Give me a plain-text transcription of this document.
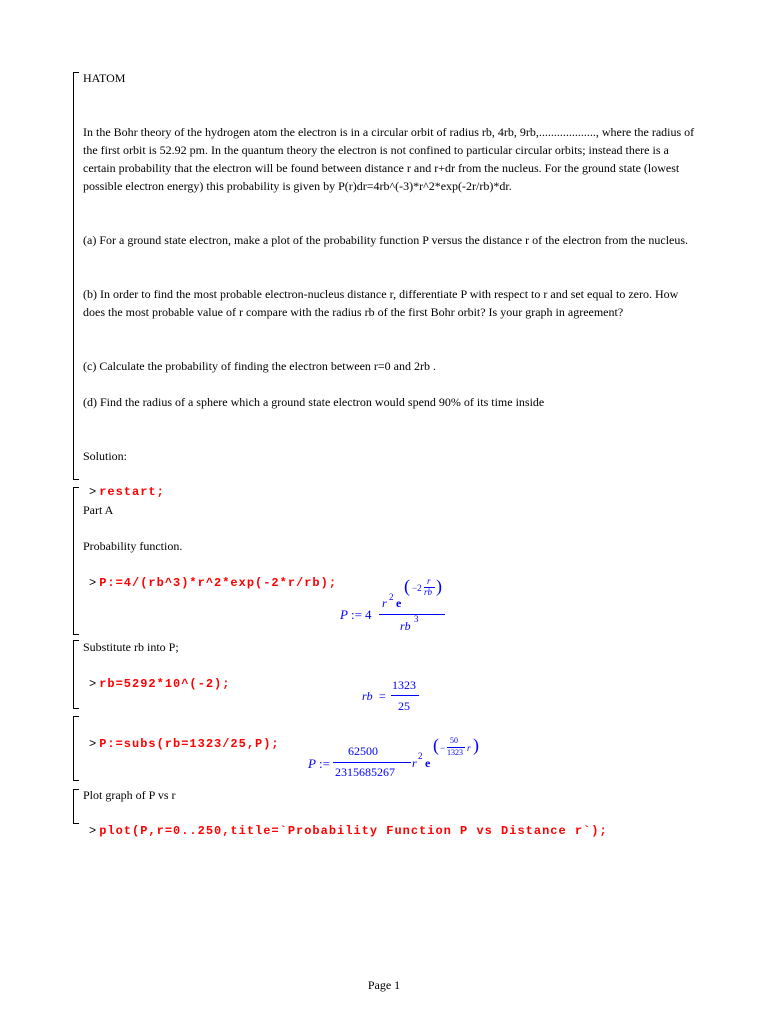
HATOM
In the Bohr theory of the hydrogen atom the electron is in a circular orbit of radius rb, 4rb, 9rb,..................., where the radius of the first orbit is 52.92 pm. In the quantum theory the electron is not confined to particular circular orbits; instead there is a certain probability that the electron will be found between distance r and r+dr from the nucleus. For the ground state (lowest possible electron energy) this probability is given by P(r)dr=4rb^(-3)*r^2*exp(-2r/rb)*dr.
(a) For a ground state electron, make a plot of the probability function P versus the distance r of the electron from the nucleus.
(b) In order to find the most probable electron-nucleus distance r, differentiate P with respect to r and set equal to zero. How does the most probable value of r compare with the radius rb of the first Bohr orbit? Is your graph in agreement?
(c) Calculate the probability of finding the electron between r=0 and 2rb .
(d) Find the radius of a sphere which a ground state electron would spend 90% of its time inside
Solution:

> restart;

Part A
Probability function.

> P:=4/(rb^3)*r^2*exp(-2*r/rb);

P := 4
r 2 e
( −2
r
rb )
rb 3
Substitute rb into P;

> rb=5292*10^(-2);

rb =
1323
25

> P:=subs(rb=1323/25,P);

P :=
62500
2315685267
r 2 e
( −
50
1323 r )
Plot graph of P vs r

> plot(P,r=0..250,title=`Probability Function P vs Distance r`);

Page 1
